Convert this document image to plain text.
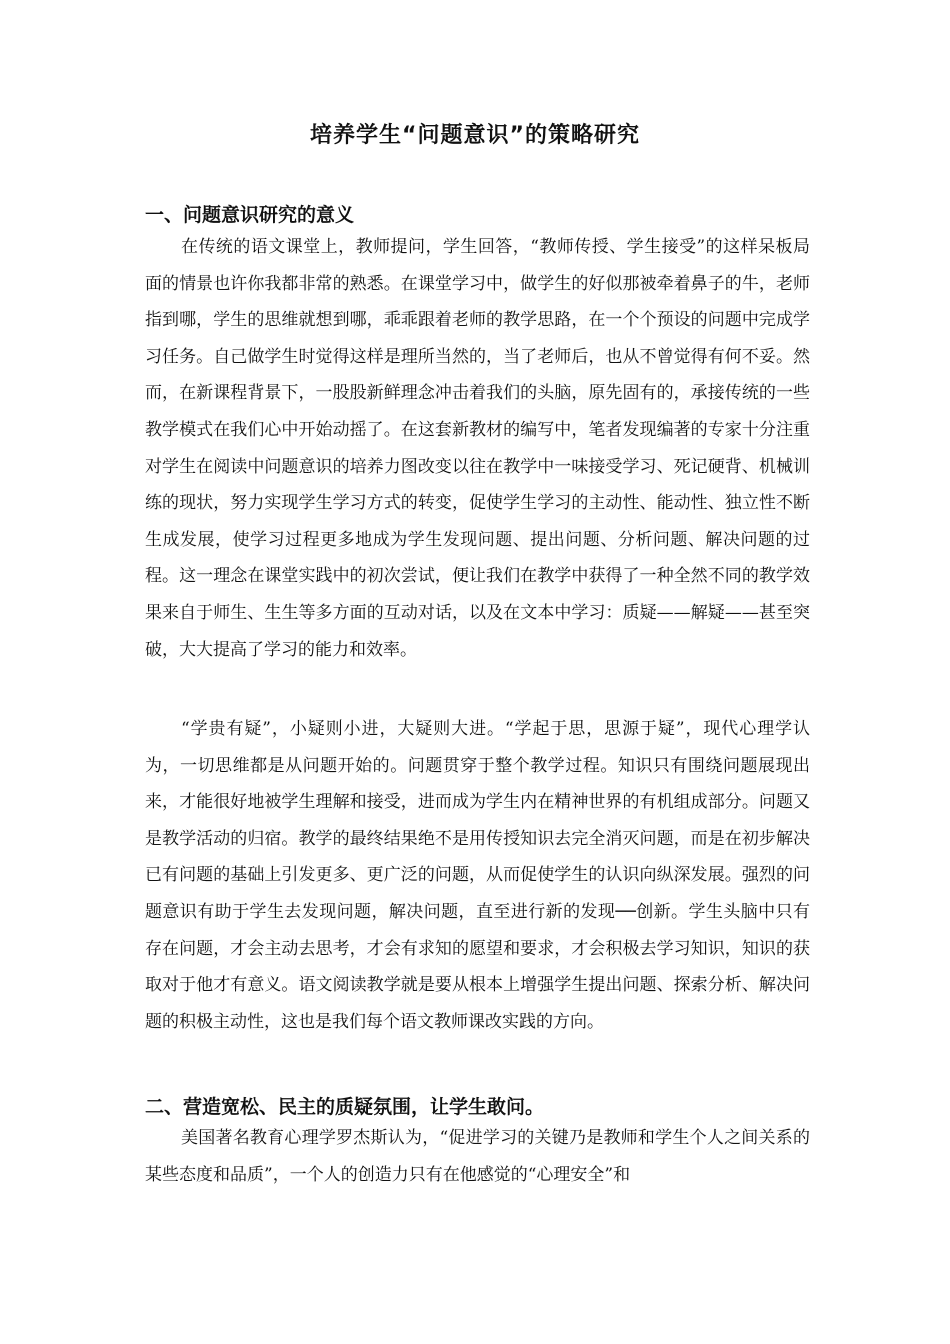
培养学生“问题意识”的策略研究
一、问题意识研究的意义

在传统的语文课堂上，教师提问，学生回答，“教师传授、学生接受”的这样呆板局面的情景也许你我都非常的熟悉。在课堂学习中，做学生的好似那被牵着鼻子的牛，老师指到哪，学生的思维就想到哪，乖乖跟着老师的教学思路，在一个个预设的问题中完成学习任务。自己做学生时觉得这样是理所当然的，当了老师后，也从不曾觉得有何不妥。然而，在新课程背景下，一股股新鲜理念冲击着我们的头脑，原先固有的，承接传统的一些教学模式在我们心中开始动摇了。在这套新教材的编写中，笔者发现编著的专家十分注重对学生在阅读中问题意识的培养力图改变以往在教学中一味接受学习、死记硬背、机械训练的现状，努力实现学生学习方式的转变，促使学生学习的主动性、能动性、独立性不断生成发展，使学习过程更多地成为学生发现问题、提出问题、分析问题、解决问题的过程。这一理念在课堂实践中的初次尝试，便让我们在教学中获得了一种全然不同的教学效果来自于师生、生生等多方面的互动对话，以及在文本中学习：质疑——解疑——甚至突破，大大提高了学习的能力和效率。

“学贵有疑”，小疑则小进，大疑则大进。“学起于思，思源于疑”，现代心理学认为，一切思维都是从问题开始的。问题贯穿于整个教学过程。知识只有围绕问题展现出来，才能很好地被学生理解和接受，进而成为学生内在精神世界的有机组成部分。问题又是教学活动的归宿。教学的最终结果绝不是用传授知识去完全消灭问题，而是在初步解决已有问题的基础上引发更多、更广泛的问题，从而促使学生的认识向纵深发展。强烈的问题意识有助于学生去发现问题，解决问题，直至进行新的发现──创新。学生头脑中只有存在问题，才会主动去思考，才会有求知的愿望和要求，才会积极去学习知识，知识的获取对于他才有意义。语文阅读教学就是要从根本上增强学生提出问题、探索分析、解决问题的积极主动性，这也是我们每个语文教师课改实践的方向。

二、营造宽松、民主的质疑氛围，让学生敢问。

美国著名教育心理学罗杰斯认为，“促进学习的关键乃是教师和学生个人之间关系的某些态度和品质”，一个人的创造力只有在他感觉的“心理安全”和
